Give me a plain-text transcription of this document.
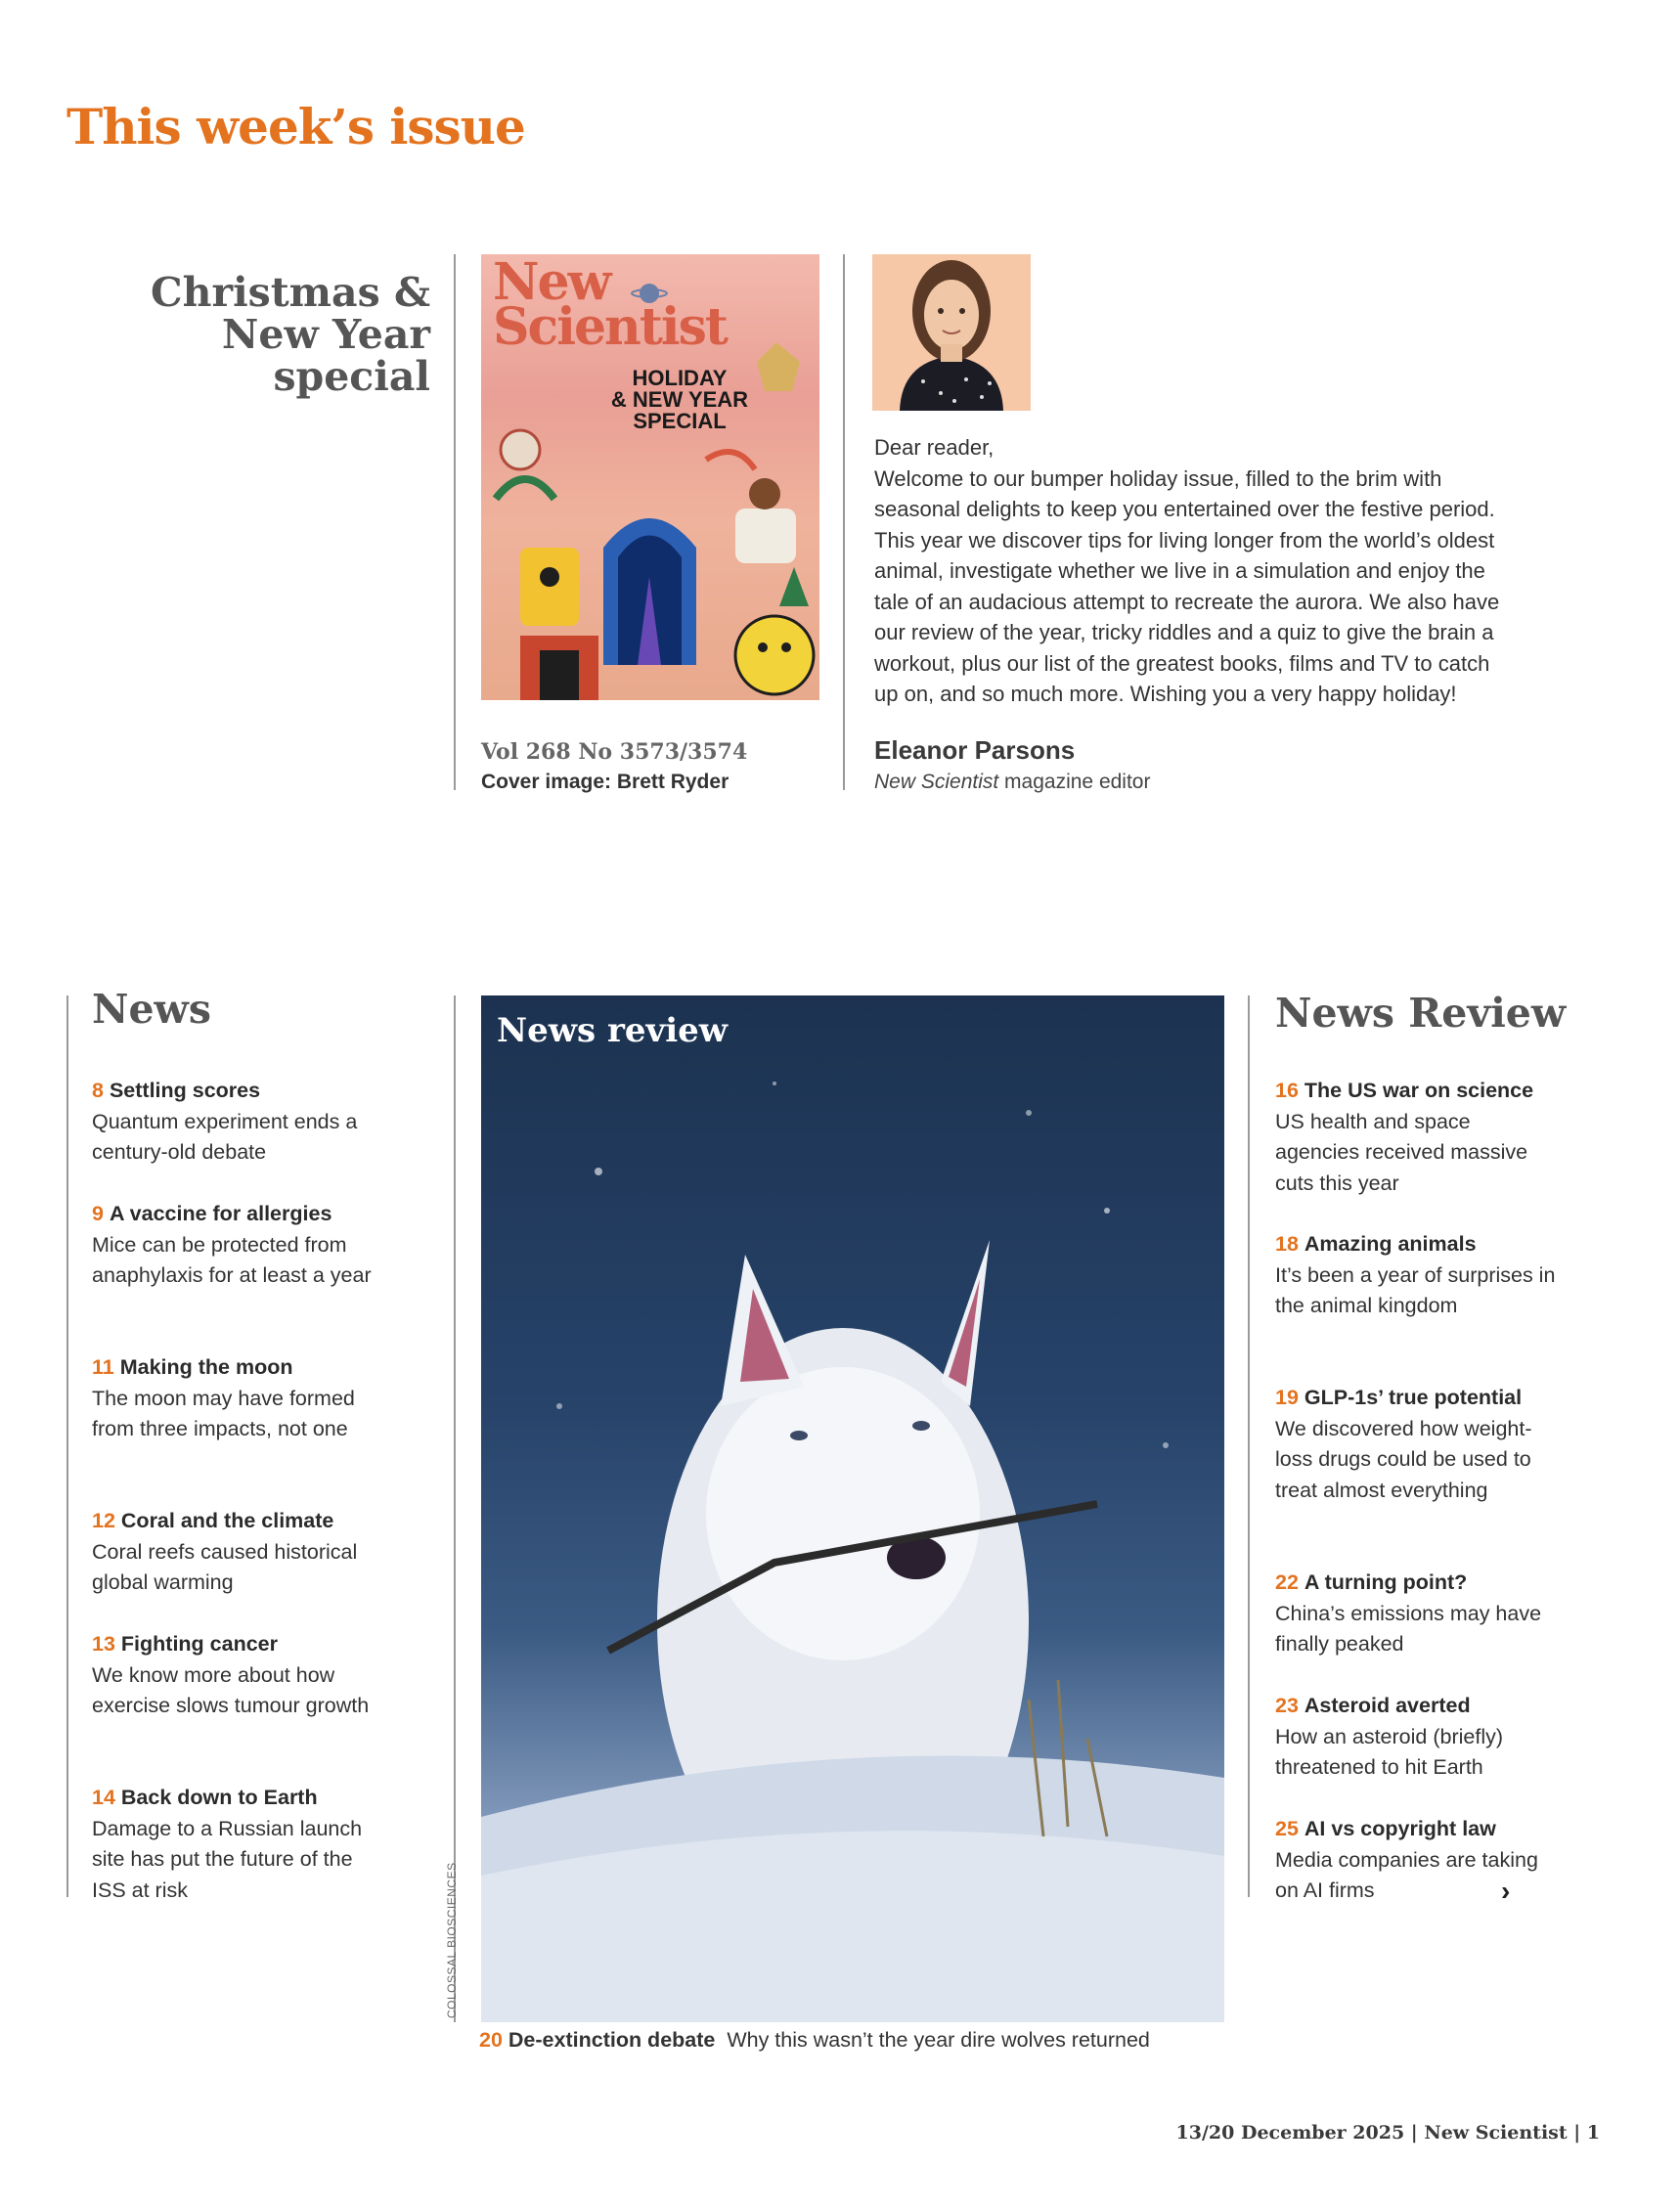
This week’s issue
Christmas &
New Year
special
New
Scientist
HOLIDAY
& NEW YEAR
SPECIAL
Vol 268 No 3573/3574
Cover image: Brett Ryder

Dear reader,

Welcome to our bumper holiday issue, filled to the brim with seasonal delights to keep you entertained over the festive period. This year we discover tips for living longer from the world’s oldest animal, investigate whether we live in a simulation and enjoy the tale of an audacious attempt to recreate the aurora. We also have our review of the year, tricky riddles and a quiz to give the brain a workout, plus our list of the greatest books, films and TV to catch up on, and so much more. Wishing you a very happy holiday!

Eleanor Parsons
New Scientist magazine editor
News
8 Settling scores
Quantum experiment ends a century-old debate
9 A vaccine for allergies
Mice can be protected from anaphylaxis for at least a year
11 Making the moon
The moon may have formed from three impacts, not one
12 Coral and the climate
Coral reefs caused historical global warming
13 Fighting cancer
We know more about how exercise slows tumour growth
14 Back down to Earth
Damage to a Russian launch site has put the future of the ISS at risk
News review
COLOSSAL BIOSCIENCES
20 De-extinction debate Why this wasn’t the year dire wolves returned
News Review
16 The US war on science
US health and space agencies received massive cuts this year
18 Amazing animals
It’s been a year of surprises in the animal kingdom
19 GLP-1s’ true potential
We discovered how weight-loss drugs could be used to treat almost everything
22 A turning point?
China’s emissions may have finally peaked
23 Asteroid averted
How an asteroid (briefly) threatened to hit Earth
25 AI vs copyright law
Media companies are taking on AI firms	›
13/20 December 2025 | New Scientist | 1
